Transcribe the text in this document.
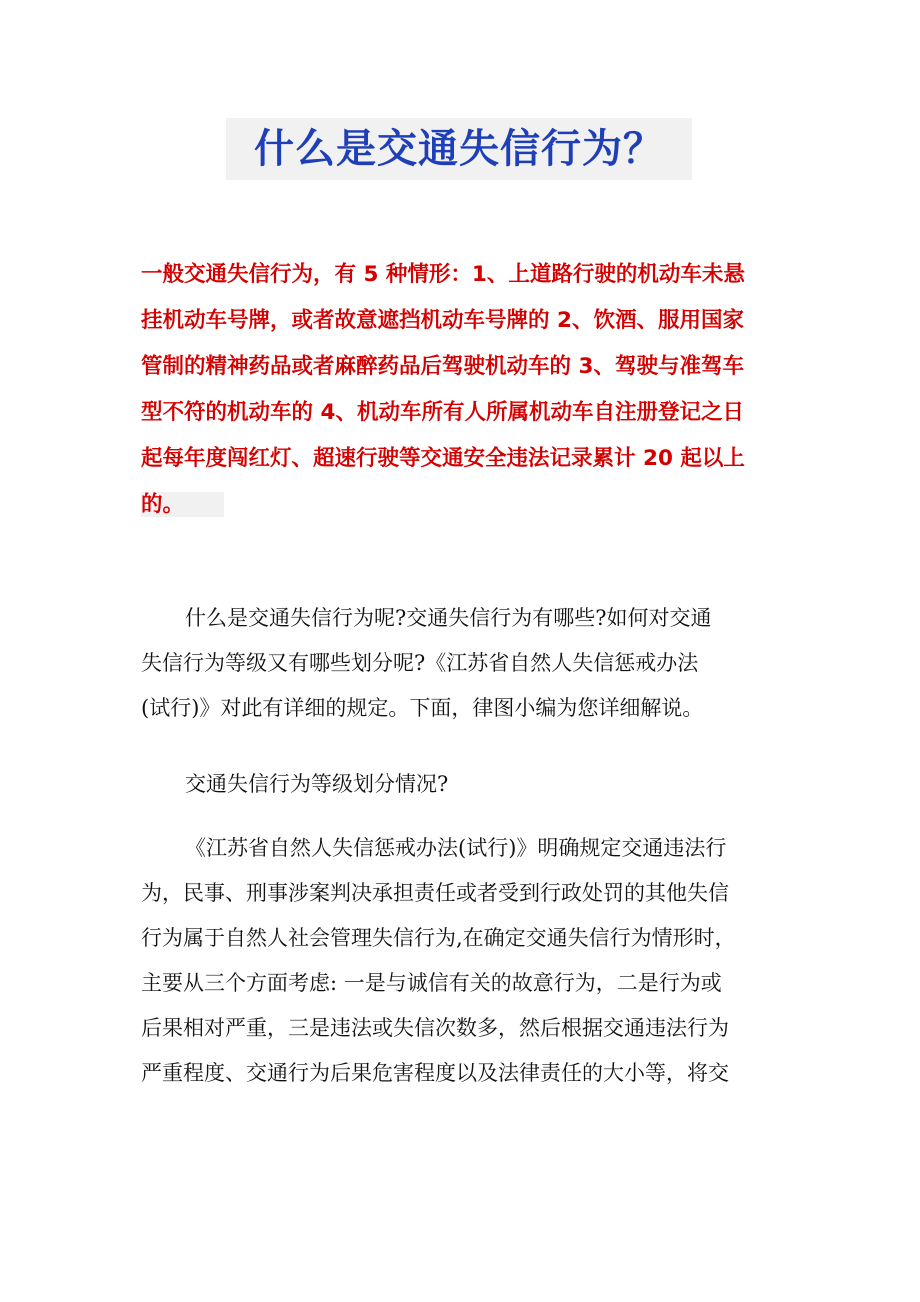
什么是交通失信行为？
一般交通失信行为，有 5 种情形：1、上道路行驶的机动车未悬
挂机动车号牌，或者故意遮挡机动车号牌的 2、饮酒、服用国家
管制的精神药品或者麻醉药品后驾驶机动车的 3、驾驶与准驾车
型不符的机动车的 4、机动车所有人所属机动车自注册登记之日
起每年度闯红灯、超速行驶等交通安全违法记录累计 20 起以上
的。
什么是交通失信行为呢?交通失信行为有哪些?如何对交通
失信行为等级又有哪些划分呢?《江苏省自然人失信惩戒办法
(试行)》对此有详细的规定。下面，律图小编为您详细解说。
交通失信行为等级划分情况?
《江苏省自然人失信惩戒办法(试行)》明确规定交通违法行
为，民事、刑事涉案判决承担责任或者受到行政处罚的其他失信
行为属于自然人社会管理失信行为,在确定交通失信行为情形时，
主要从三个方面考虑: 一是与诚信有关的故意行为，二是行为或
后果相对严重，三是违法或失信次数多，然后根据交通违法行为
严重程度、交通行为后果危害程度以及法律责任的大小等，将交
